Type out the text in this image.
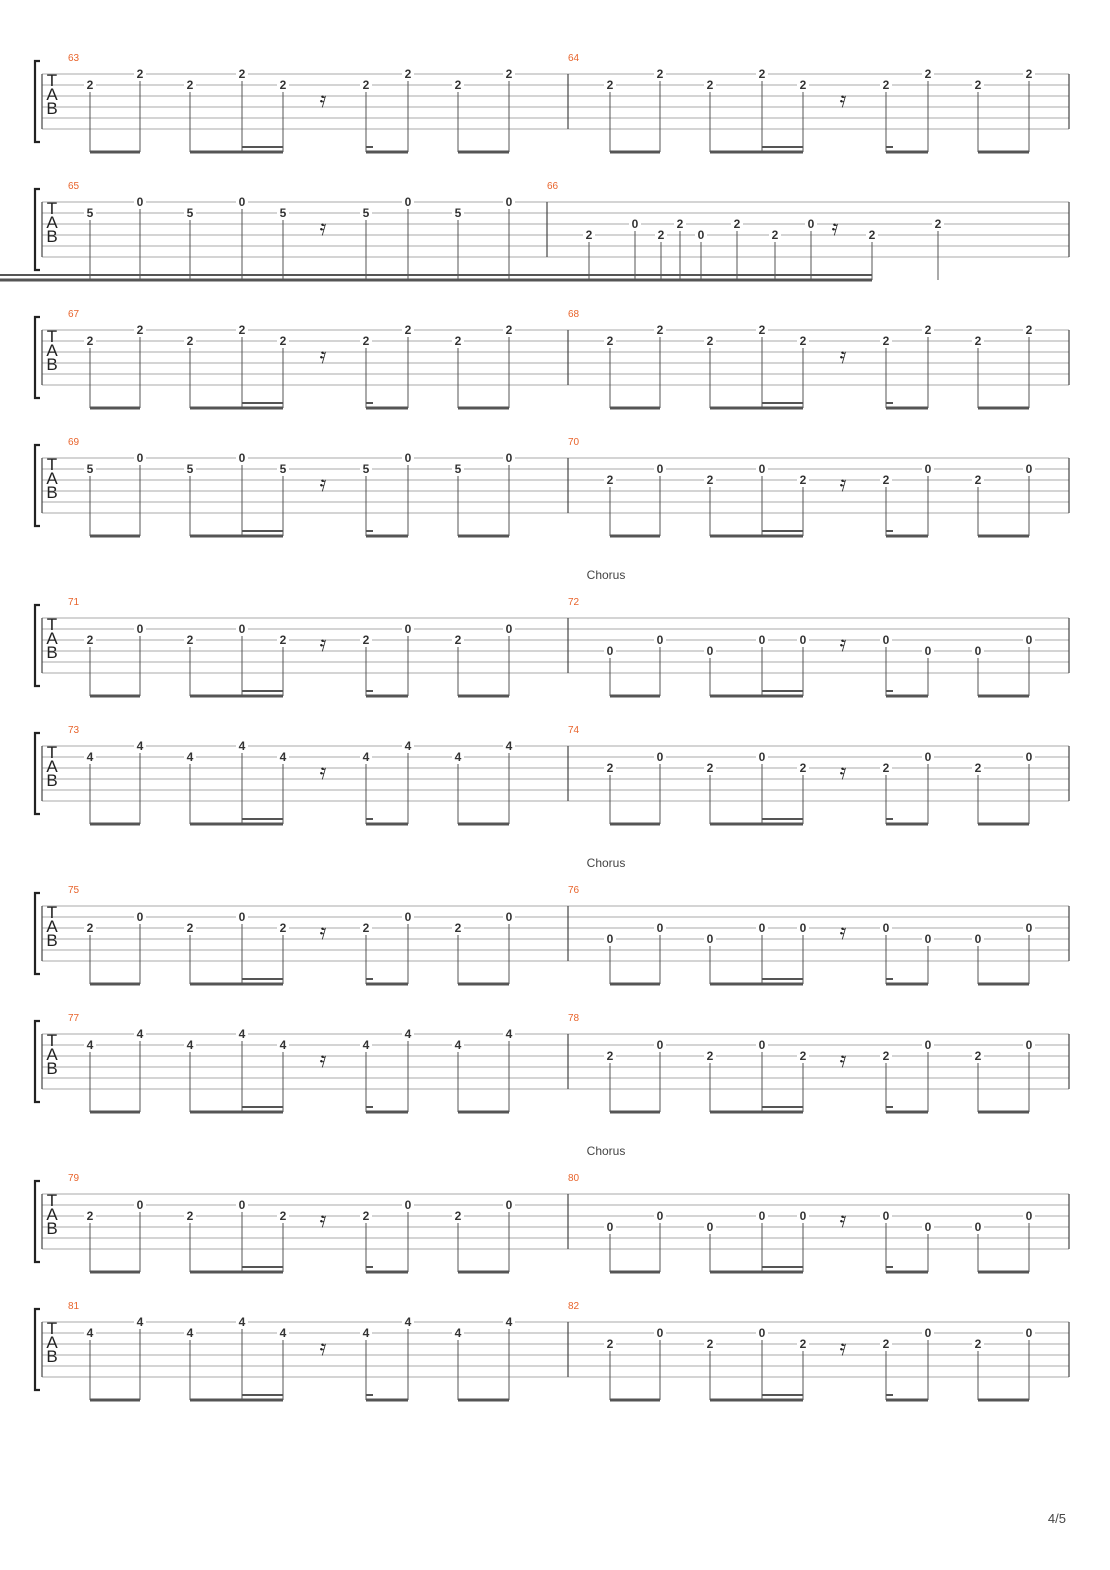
T
A
B
63
2
2
2
2
2	2
2
2
2
𝄿
64
2
2
2
2
2	2
2
2
2
𝄿
T
A
B
65
5
0
5
0
5	5
0
5
0
𝄿
66
2
0
2
2
0
2
2
0
2
2
𝄿
T
A
B
67
2
2
2
2
2	2
2
2
2
𝄿
68
2
2
2
2
2	2
2
2
2
𝄿
T
A
B
69
5
0
5
0
5	5
0
5
0
𝄿
70
2
0
2
0
2	2
0
2
0
𝄿
Chorus
T
A
B
71
2
0
2
0
2	2
0
2
0
𝄿
72
0
0
0
0	0	0
0	0
0
𝄿
T
A
B
73
4
4
4
4
4	4
4
4
4
𝄿
74
2
0
2
0
2	2
0
2
0
𝄿
Chorus
T
A
B
75
2
0
2
0
2	2
0
2
0
𝄿
76
0
0
0
0	0	0
0	0
0
𝄿
T
A
B
77
4
4
4
4
4	4
4
4
4
𝄿
78
2
0
2
0
2	2
0
2
0
𝄿
Chorus
T
A
B
79
2
0
2
0
2	2
0
2
0
𝄿
80
0
0
0
0	0	0
0	0
0
𝄿
T
A
B
81
4
4
4
4
4	4
4
4
4
𝄿
82
2
0
2
0
2	2
0
2
0
𝄿
4/5
